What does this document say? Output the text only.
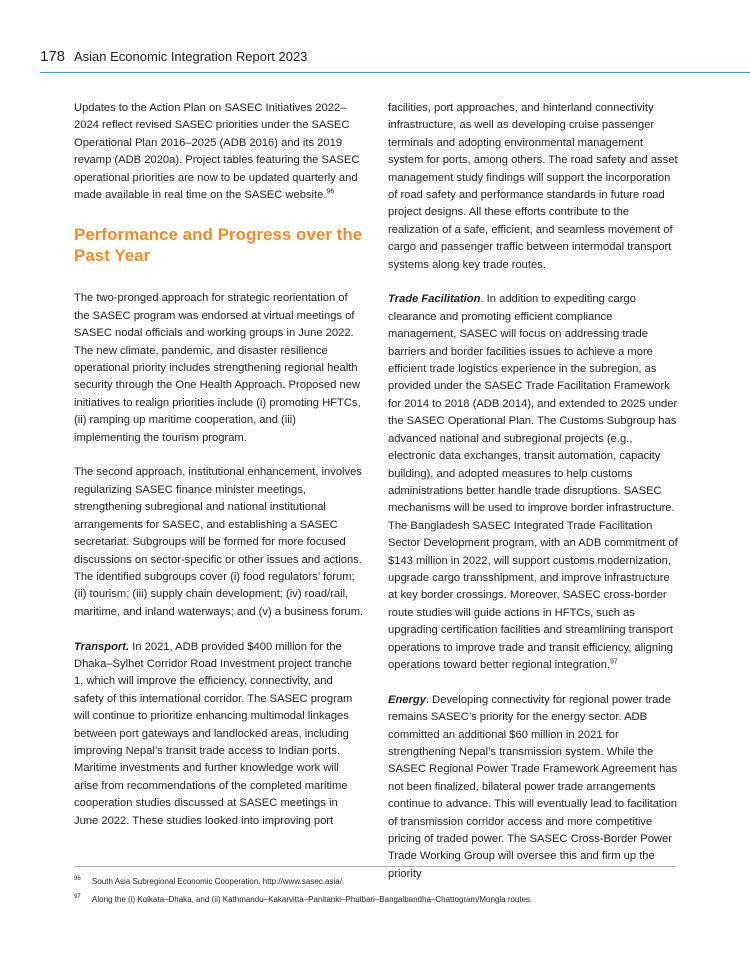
178 Asian Economic Integration Report 2023

Updates to the Action Plan on SASEC Initiatives 2022–2024 reflect revised SASEC priorities under the SASEC Operational Plan 2016–2025 (ADB 2016) and its 2019 revamp (ADB 2020a). Project tables featuring the SASEC operational priorities are now to be updated quarterly and made available in real time on the SASEC website.$^{96}$

Performance and Progress over the Past Year

The two-pronged approach for strategic reorientation of the SASEC program was endorsed at virtual meetings of SASEC nodal officials and working groups in June 2022. The new climate, pandemic, and disaster resilience operational priority includes strengthening regional health security through the One Health Approach. Proposed new initiatives to realign priorities include (i) promoting HFTCs, (ii) ramping up maritime cooperation, and (iii) implementing the tourism program.

The second approach, institutional enhancement, involves regularizing SASEC finance minister meetings, strengthening subregional and national institutional arrangements for SASEC, and establishing a SASEC secretariat. Subgroups will be formed for more focused discussions on sector-specific or other issues and actions. The identified subgroups cover (i) food regulators’ forum; (ii) tourism; (iii) supply chain development; (iv) road/rail, maritime, and inland waterways; and (v) a business forum.

Transport. In 2021, ADB provided $400 million for the Dhaka–Sylhet Corridor Road Investment project tranche 1, which will improve the efficiency, connectivity, and safety of this international corridor. The SASEC program will continue to prioritize enhancing multimodal linkages between port gateways and landlocked areas, including improving Nepal’s transit trade access to Indian ports. Maritime investments and further knowledge work will arise from recommendations of the completed maritime cooperation studies discussed at SASEC meetings in June 2022. These studies looked into improving port

facilities, port approaches, and hinterland connectivity infrastructure, as well as developing cruise passenger terminals and adopting environmental management system for ports, among others. The road safety and asset management study findings will support the incorporation of road safety and performance standards in future road project designs. All these efforts contribute to the realization of a safe, efficient, and seamless movement of cargo and passenger traffic between intermodal transport systems along key trade routes.

Trade Facilitation. In addition to expediting cargo clearance and promoting efficient compliance management, SASEC will focus on addressing trade barriers and border facilities issues to achieve a more efficient trade logistics experience in the subregion, as provided under the SASEC Trade Facilitation Framework for 2014 to 2018 (ADB 2014), and extended to 2025 under the SASEC Operational Plan. The Customs Subgroup has advanced national and subregional projects (e.g., electronic data exchanges, transit automation, capacity building), and adopted measures to help customs administrations better handle trade disruptions. SASEC mechanisms will be used to improve border infrastructure. The Bangladesh SASEC Integrated Trade Facilitation Sector Development program, with an ADB commitment of $143 million in 2022, will support customs modernization, upgrade cargo transshipment, and improve infrastructure at key border crossings. Moreover, SASEC cross-border route studies will guide actions in HFTCs, such as upgrading certification facilities and streamlining transport operations to improve trade and transit efficiency, aligning operations toward better regional integration.$^{97}$

Energy. Developing connectivity for regional power trade remains SASEC’s priority for the energy sector. ADB committed an additional $60 million in 2021 for strengthening Nepal’s transmission system. While the SASEC Regional Power Trade Framework Agreement has not been finalized, bilateral power trade arrangements continue to advance. This will eventually lead to facilitation of transmission corridor access and more competitive pricing of traded power. The SASEC Cross-Border Power Trade Working Group will oversee this and firm up the priority

96 South Asia Subregional Economic Cooperation. http://www.sasec.asia/.
97 Along the (i) Kolkata–Dhaka, and (ii) Kathmandu–Kakarvitta–Panitanki–Phulbari–Bangalbandha–Chattogram/Mongla routes.
